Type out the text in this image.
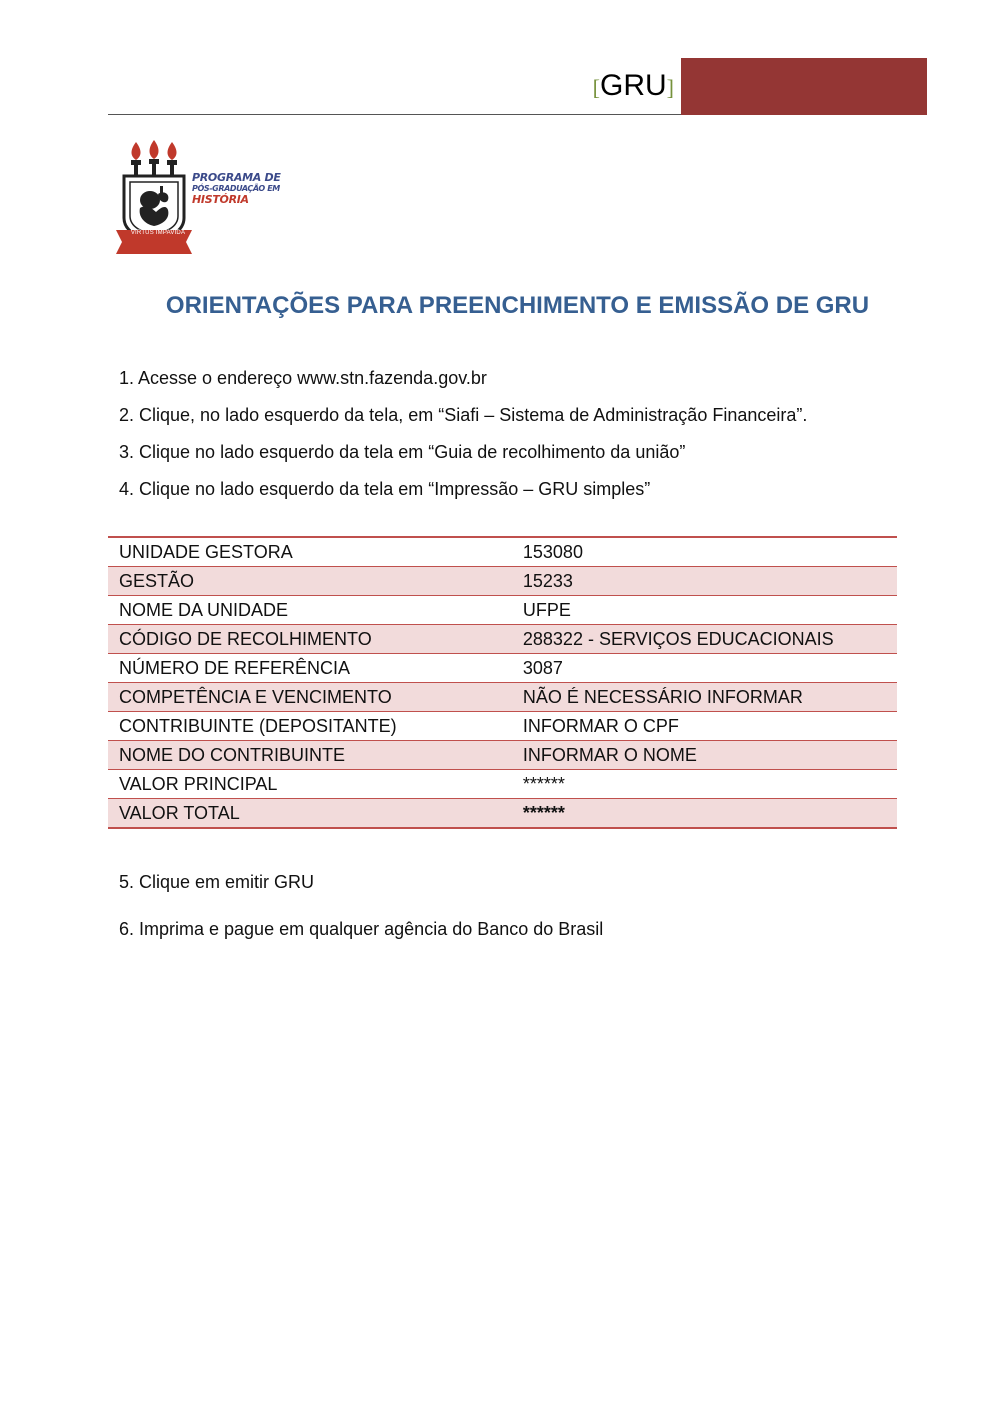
[GRU]
VIRTUS IMPAVIDA
PROGRAMA DE
PÓS-GRADUAÇÃO EM
HISTÓRIA
ORIENTAÇÕES PARA PREENCHIMENTO E EMISSÃO DE GRU
1. Acesse o endereço www.stn.fazenda.gov.br
2. Clique, no lado esquerdo da tela, em “Siafi – Sistema de Administração Financeira”.
3. Clique no lado esquerdo da tela em “Guia de recolhimento da união”
4. Clique no lado esquerdo da tela em “Impressão – GRU simples”
UNIDADE GESTORA	153080
GESTÃO	15233
NOME DA UNIDADE	UFPE
CÓDIGO DE RECOLHIMENTO	288322 - SERVIÇOS EDUCACIONAIS
NÚMERO DE REFERÊNCIA	3087
COMPETÊNCIA E VENCIMENTO	NÃO É NECESSÁRIO INFORMAR
CONTRIBUINTE (DEPOSITANTE)	INFORMAR O CPF
NOME DO CONTRIBUINTE	INFORMAR O NOME
VALOR PRINCIPAL	******
VALOR TOTAL	******
5. Clique em emitir GRU
6. Imprima e pague em qualquer agência do Banco do Brasil
